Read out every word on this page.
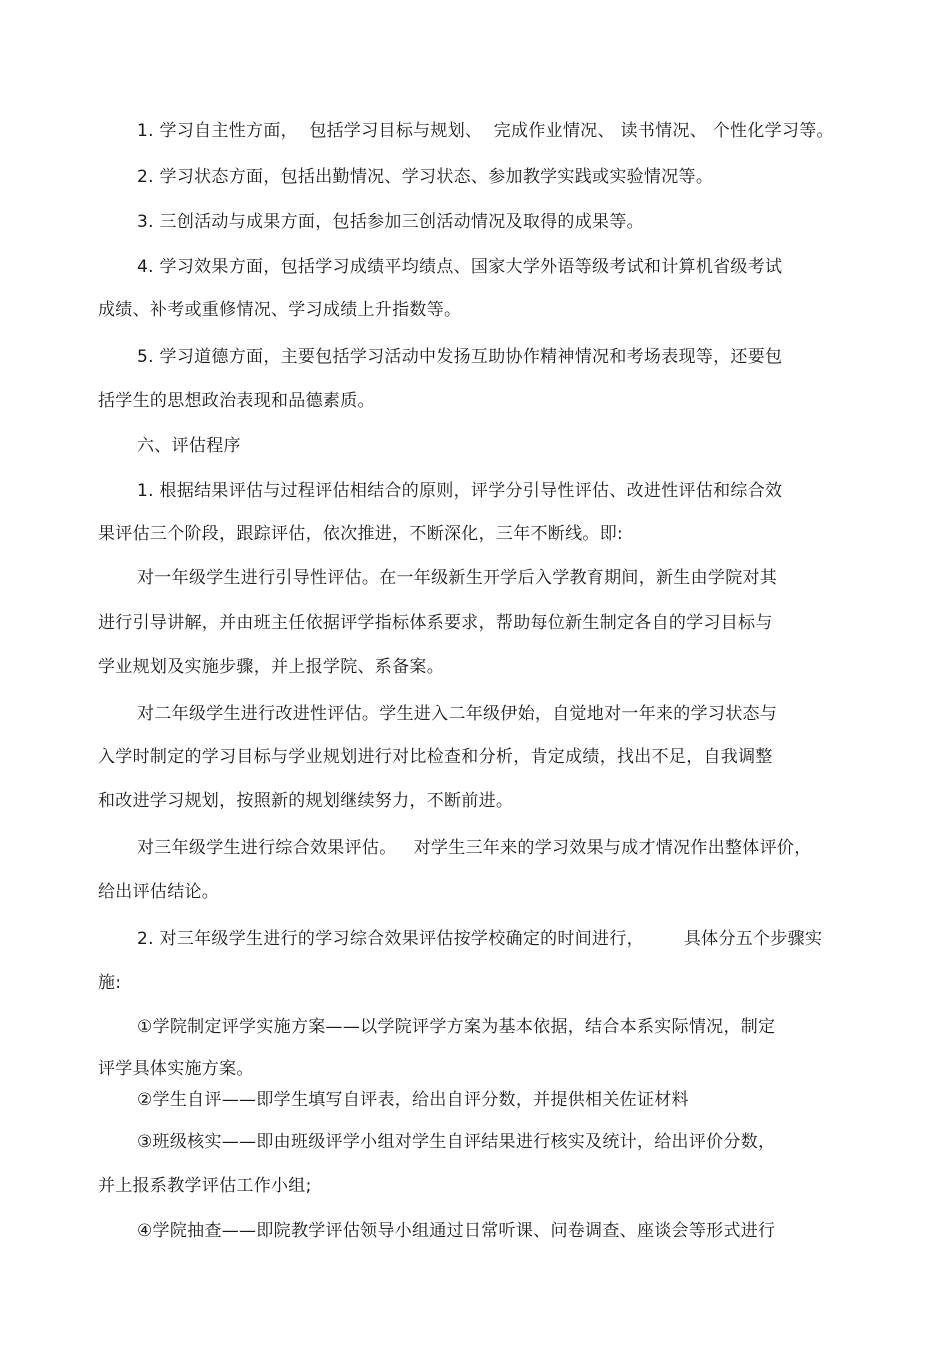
1. 学习自主性方面，  包括学习目标与规划、  完成作业情况、 读书情况、 个性化学习等。
2. 学习状态方面，包括出勤情况、学习状态、参加教学实践或实验情况等。
3. 三创活动与成果方面，包括参加三创活动情况及取得的成果等。
4. 学习效果方面，包括学习成绩平均绩点、国家大学外语等级考试和计算机省级考试
成绩、补考或重修情况、学习成绩上升指数等。
5. 学习道德方面，主要包括学习活动中发扬互助协作精神情况和考场表现等，还要包
括学生的思想政治表现和品德素质。
六、评估程序
1. 根据结果评估与过程评估相结合的原则，评学分引导性评估、改进性评估和综合效
果评估三个阶段，跟踪评估，依次推进，不断深化，三年不断线。即:
对一年级学生进行引导性评估。在一年级新生开学后入学教育期间，新生由学院对其
进行引导讲解，并由班主任依据评学指标体系要求，帮助每位新生制定各自的学习目标与
学业规划及实施步骤，并上报学院、系备案。
对二年级学生进行改进性评估。学生进入二年级伊始，自觉地对一年来的学习状态与
入学时制定的学习目标与学业规划进行对比检查和分析，肯定成绩，找出不足，自我调整
和改进学习规划，按照新的规划继续努力，不断前进。
对三年级学生进行综合效果评估。   对学生三年来的学习效果与成才情况作出整体评价，
给出评估结论。
2. 对三年级学生进行的学习综合效果评估按学校确定的时间进行，       具体分五个步骤实
施:
①学院制定评学实施方案——以学院评学方案为基本依据，结合本系实际情况，制定
评学具体实施方案。
②学生自评——即学生填写自评表，给出自评分数，并提供相关佐证材料
③班级核实——即由班级评学小组对学生自评结果进行核实及统计，给出评价分数，
并上报系教学评估工作小组;
④学院抽查——即院教学评估领导小组通过日常听课、问卷调查、座谈会等形式进行
